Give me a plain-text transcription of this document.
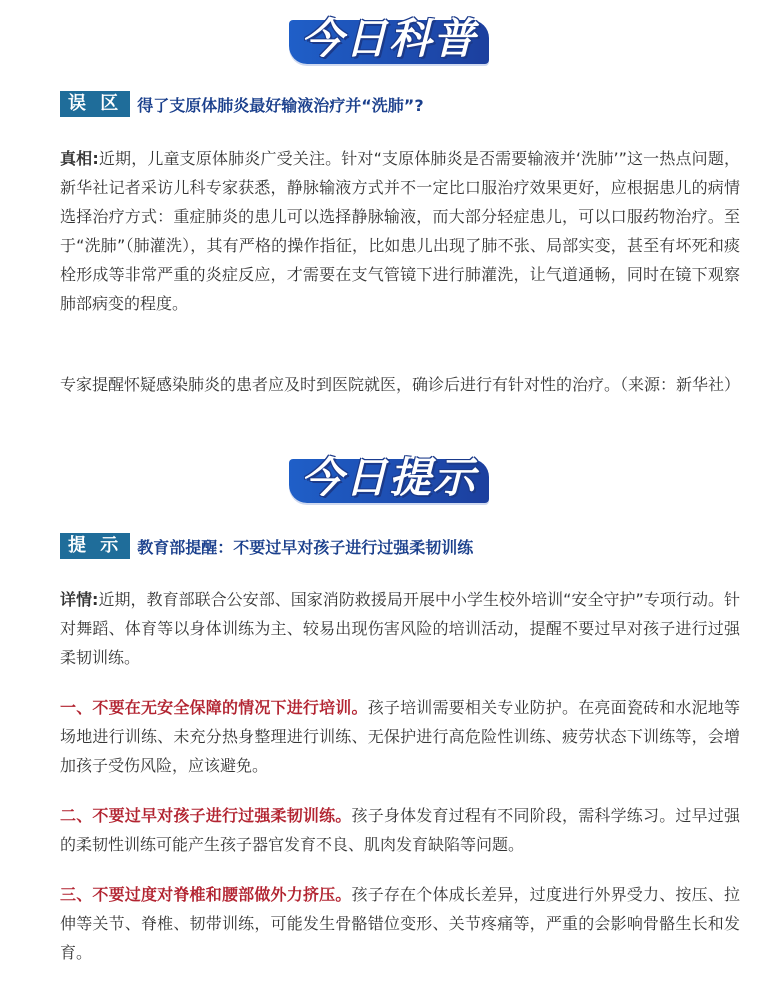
今日科普
误 区 得了支原体肺炎最好输液治疗并“洗肺”?

真相:近期，儿童支原体肺炎广受关注。针对“支原体肺炎是否需要输液并‘洗肺’”这一热点问题，新华社记者采访儿科专家获悉，静脉输液方式并不一定比口服治疗效果更好，应根据患儿的病情选择治疗方式：重症肺炎的患儿可以选择静脉输液，而大部分轻症患儿，可以口服药物治疗。至于“洗肺”（肺灌洗），其有严格的操作指征，比如患儿出现了肺不张、局部实变，甚至有坏死和痰栓形成等非常严重的炎症反应，才需要在支气管镜下进行肺灌洗，让气道通畅，同时在镜下观察肺部病变的程度。

专家提醒怀疑感染肺炎的患者应及时到医院就医，确诊后进行有针对性的治疗。（来源：新华社）

今日提示
提 示 教育部提醒：不要过早对孩子进行过强柔韧训练

详情:近期，教育部联合公安部、国家消防救援局开展中小学生校外培训“安全守护”专项行动。针对舞蹈、体育等以身体训练为主、较易出现伤害风险的培训活动，提醒不要过早对孩子进行过强柔韧训练。

一、不要在无安全保障的情况下进行培训。孩子培训需要相关专业防护。在亮面瓷砖和水泥地等场地进行训练、未充分热身整理进行训练、无保护进行高危险性训练、疲劳状态下训练等，会增加孩子受伤风险，应该避免。

二、不要过早对孩子进行过强柔韧训练。孩子身体发育过程有不同阶段，需科学练习。过早过强的柔韧性训练可能产生孩子器官发育不良、肌肉发育缺陷等问题。

三、不要过度对脊椎和腰部做外力挤压。孩子存在个体成长差异，过度进行外界受力、按压、拉伸等关节、脊椎、韧带训练，可能发生骨骼错位变形、关节疼痛等，严重的会影响骨骼生长和发育。
